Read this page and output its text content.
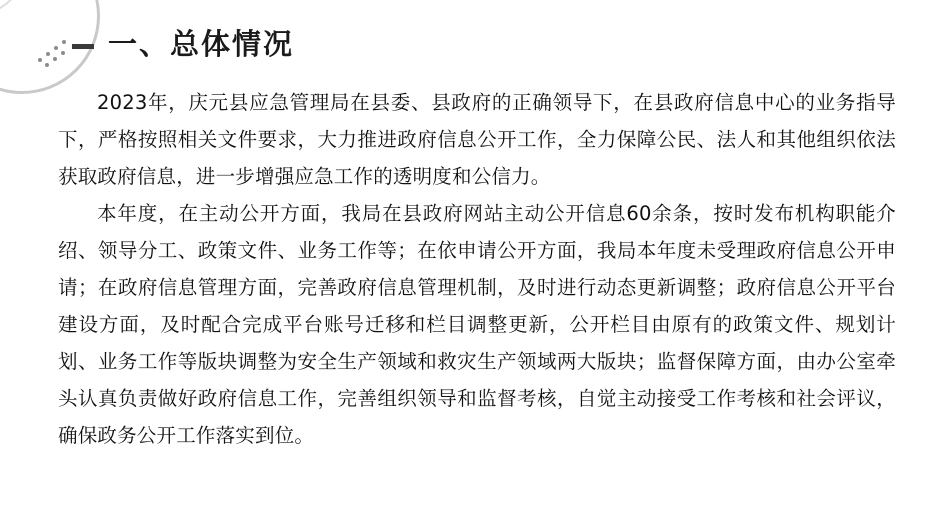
一、总体情况

2023年，庆元县应急管理局在县委、县政府的正确领导下，在县政府信息中心的业务指导下，严格按照相关文件要求，大力推进政府信息公开工作，全力保障公民、法人和其他组织依法获取政府信息，进一步增强应急工作的透明度和公信力。

本年度，在主动公开方面，我局在县政府网站主动公开信息60余条，按时发布机构职能介绍、领导分工、政策文件、业务工作等；在依申请公开方面，我局本年度未受理政府信息公开申请；在政府信息管理方面，完善政府信息管理机制，及时进行动态更新调整；政府信息公开平台建设方面，及时配合完成平台账号迁移和栏目调整更新，公开栏目由原有的政策文件、规划计划、业务工作等版块调整为安全生产领域和救灾生产领域两大版块；监督保障方面，由办公室牵头认真负责做好政府信息工作，完善组织领导和监督考核，自觉主动接受工作考核和社会评议，确保政务公开工作落实到位。
